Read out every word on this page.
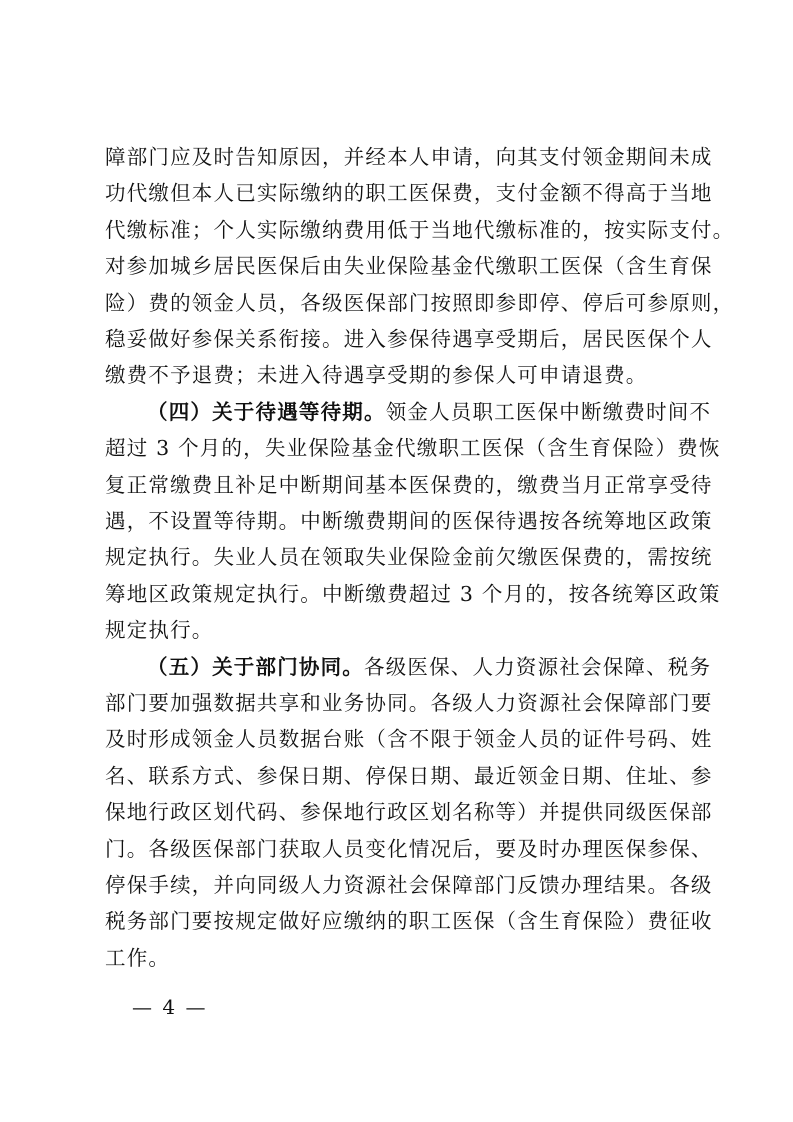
障部门应及时告知原因，并经本人申请，向其支付领金期间未成
功代缴但本人已实际缴纳的职工医保费，支付金额不得高于当地
代缴标准；个人实际缴纳费用低于当地代缴标准的，按实际支付。
对参加城乡居民医保后由失业保险基金代缴职工医保（含生育保
险）费的领金人员，各级医保部门按照即参即停、停后可参原则，
稳妥做好参保关系衔接。进入参保待遇享受期后，居民医保个人
缴费不予退费；未进入待遇享受期的参保人可申请退费。
（四）关于待遇等待期。领金人员职工医保中断缴费时间不
超过 3 个月的，失业保险基金代缴职工医保（含生育保险）费恢
复正常缴费且补足中断期间基本医保费的，缴费当月正常享受待
遇，不设置等待期。中断缴费期间的医保待遇按各统筹地区政策
规定执行。失业人员在领取失业保险金前欠缴医保费的，需按统
筹地区政策规定执行。中断缴费超过 3 个月的，按各统筹区政策
规定执行。
（五）关于部门协同。各级医保、人力资源社会保障、税务
部门要加强数据共享和业务协同。各级人力资源社会保障部门要
及时形成领金人员数据台账（含不限于领金人员的证件号码、姓
名、联系方式、参保日期、停保日期、最近领金日期、住址、参
保地行政区划代码、参保地行政区划名称等）并提供同级医保部
门。各级医保部门获取人员变化情况后，要及时办理医保参保、
停保手续，并向同级人力资源社会保障部门反馈办理结果。各级
— 4 —
税务部门要按规定做好应缴纳的职工医保（含生育保险）费征收
工作。
